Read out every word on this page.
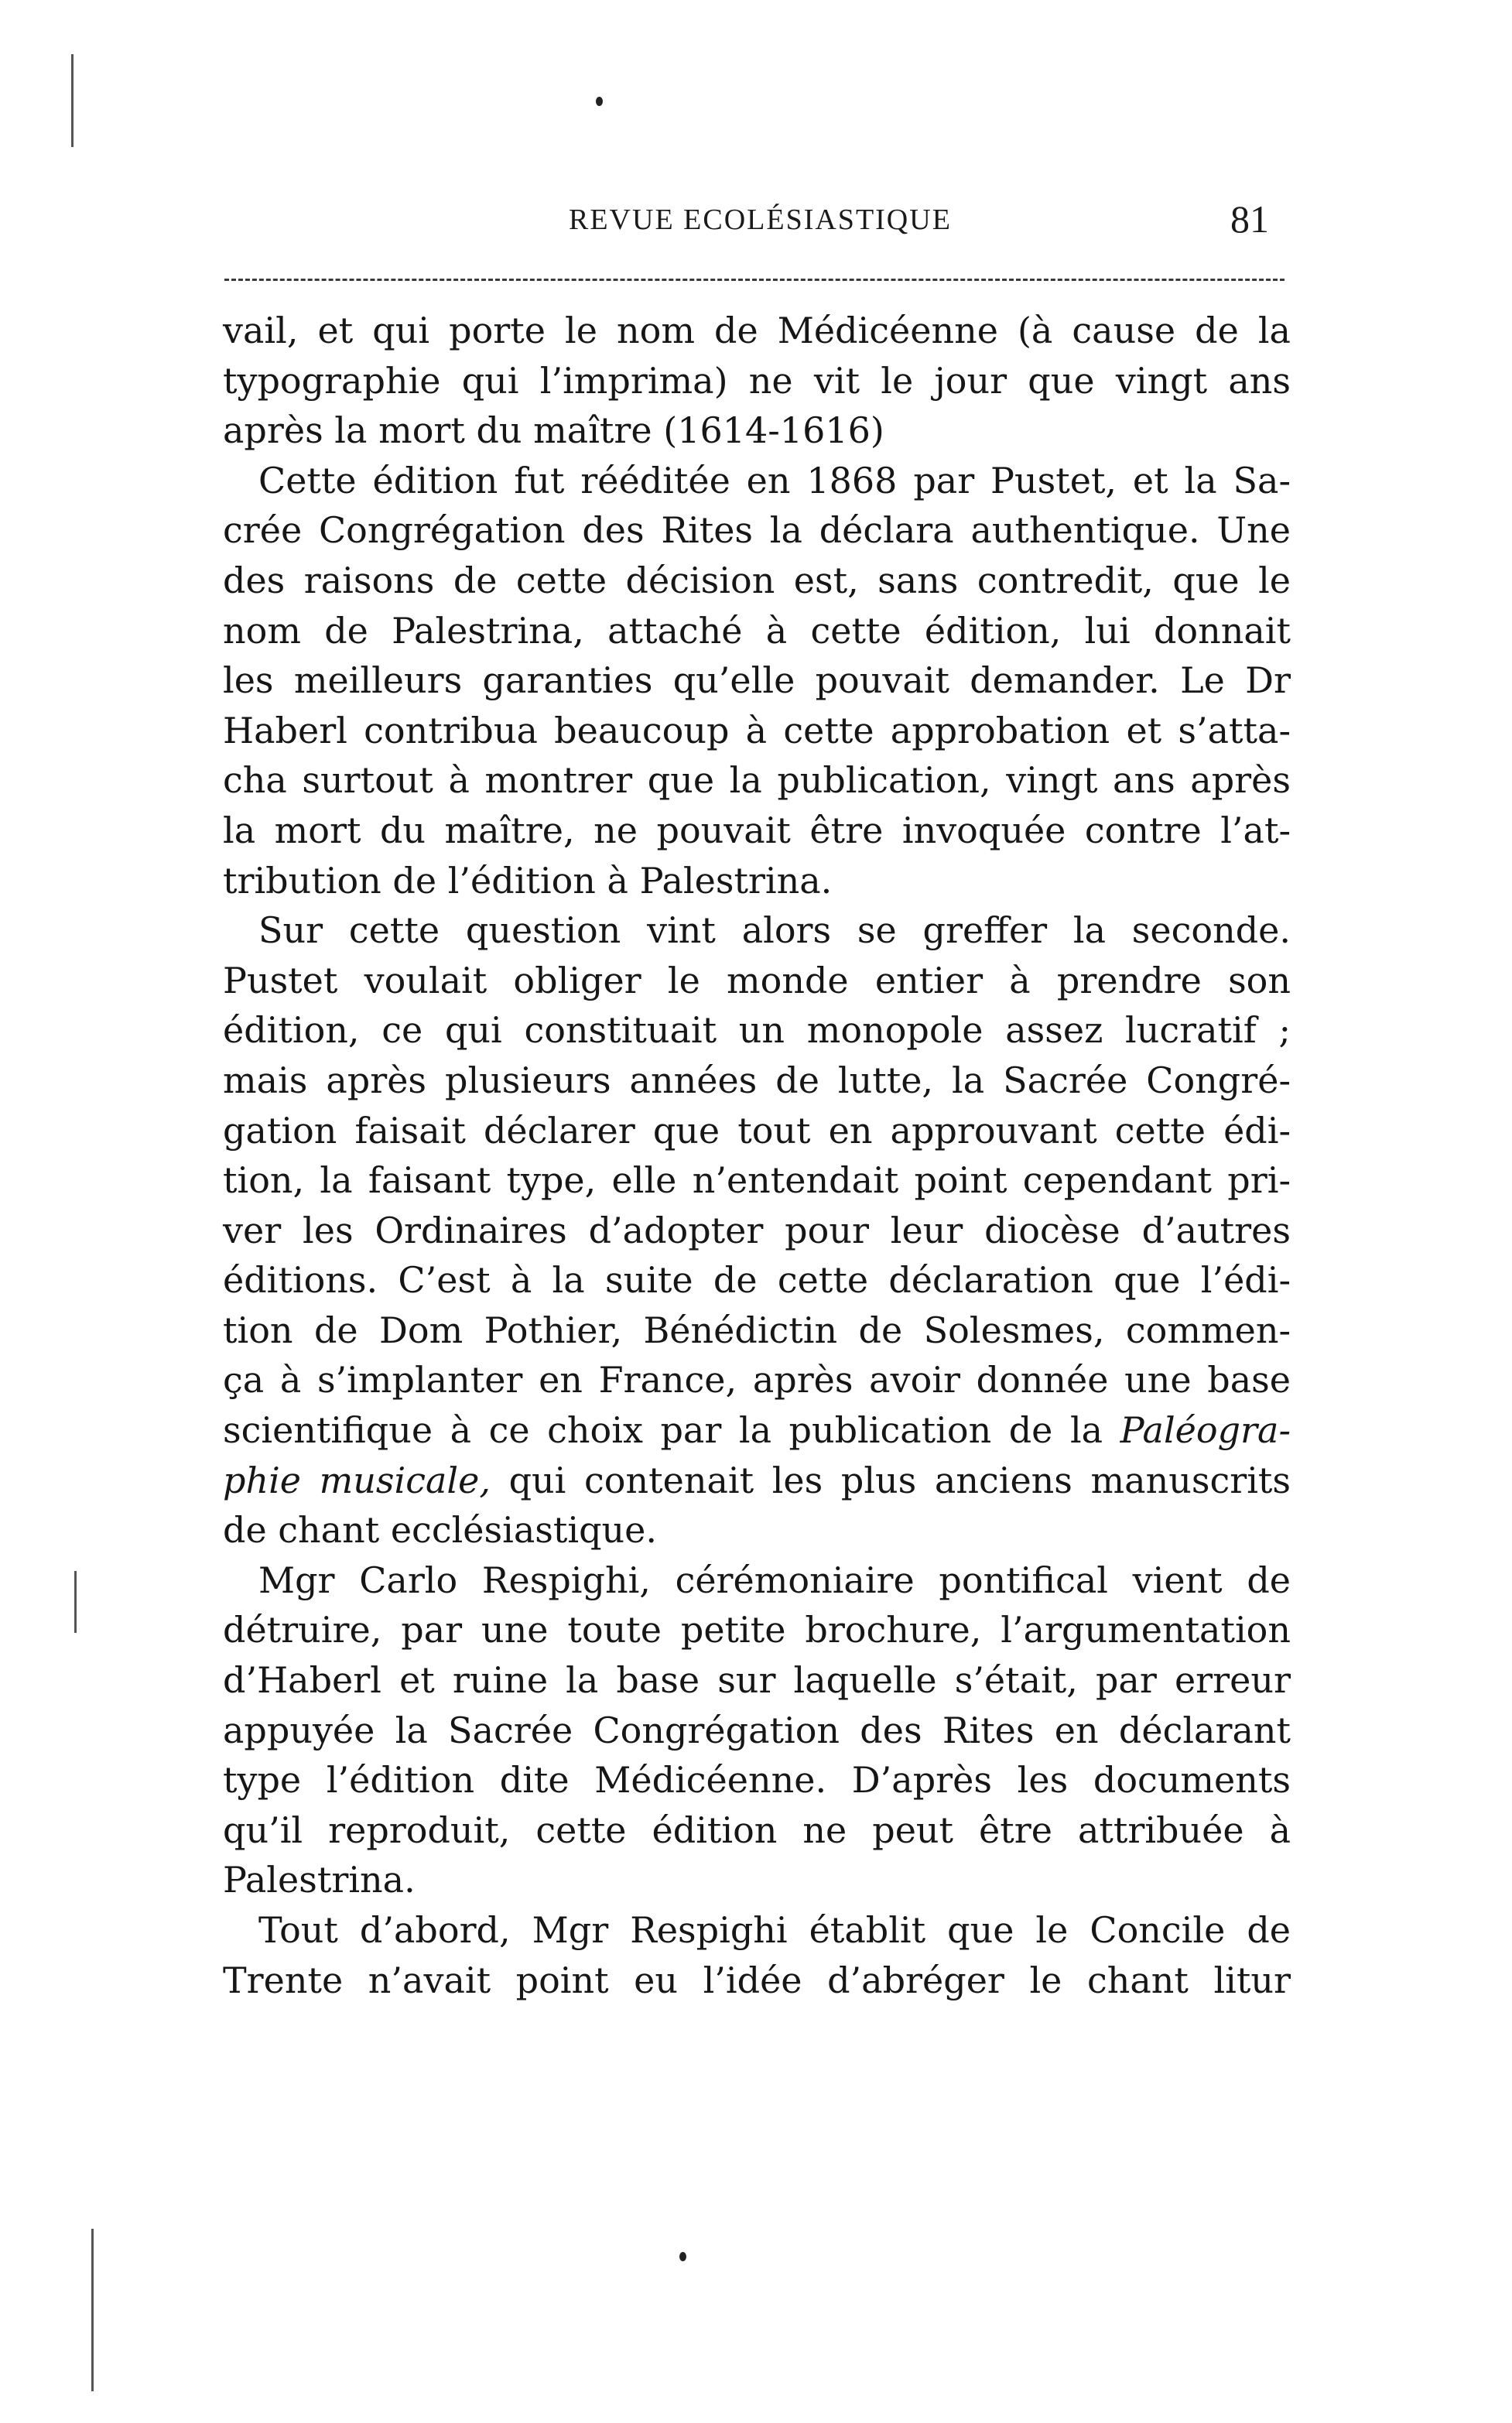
REVUE ECOLÉSIASTIQUE	81
vail, et qui porte le nom de Médicéenne (à cause de la
typographie qui l’imprima) ne vit le jour que vingt ans
après la mort du maître (1614-1616)
Cette édition fut rééditée en 1868 par Pustet, et la Sa-
crée Congrégation des Rites la déclara authentique. Une
des raisons de cette décision est, sans contredit, que le
nom de Palestrina, attaché à cette édition, lui donnait
les meilleurs garanties qu’elle pouvait demander. Le Dr
Haberl contribua beaucoup à cette approbation et s’atta-
cha surtout à montrer que la publication, vingt ans après
la mort du maître, ne pouvait être invoquée contre l’at-
tribution de l’édition à Palestrina.
Sur cette question vint alors se greffer la seconde.
Pustet voulait obliger le monde entier à prendre son
édition, ce qui constituait un monopole assez lucratif ;
mais après plusieurs années de lutte, la Sacrée Congré-
gation faisait déclarer que tout en approuvant cette édi-
tion, la faisant type, elle n’entendait point cependant pri-
ver les Ordinaires d’adopter pour leur diocèse d’autres
éditions. C’est à la suite de cette déclaration que l’édi-
tion de Dom Pothier, Bénédictin de Solesmes, commen-
ça à s’implanter en France, après avoir donnée une base
scientifique à ce choix par la publication de la Paléogra-
phie musicale, qui contenait les plus anciens manuscrits
de chant ecclésiastique.
Mgr Carlo Respighi, cérémoniaire pontifical vient de
détruire, par une toute petite brochure, l’argumentation
d’Haberl et ruine la base sur laquelle s’était, par erreur
appuyée la Sacrée Congrégation des Rites en déclarant
type l’édition dite Médicéenne. D’après les documents
qu’il reproduit, cette édition ne peut être attribuée à
Palestrina.
Tout d’abord, Mgr Respighi établit que le Concile de
Trente n’avait point eu l’idée d’abréger le chant litur
